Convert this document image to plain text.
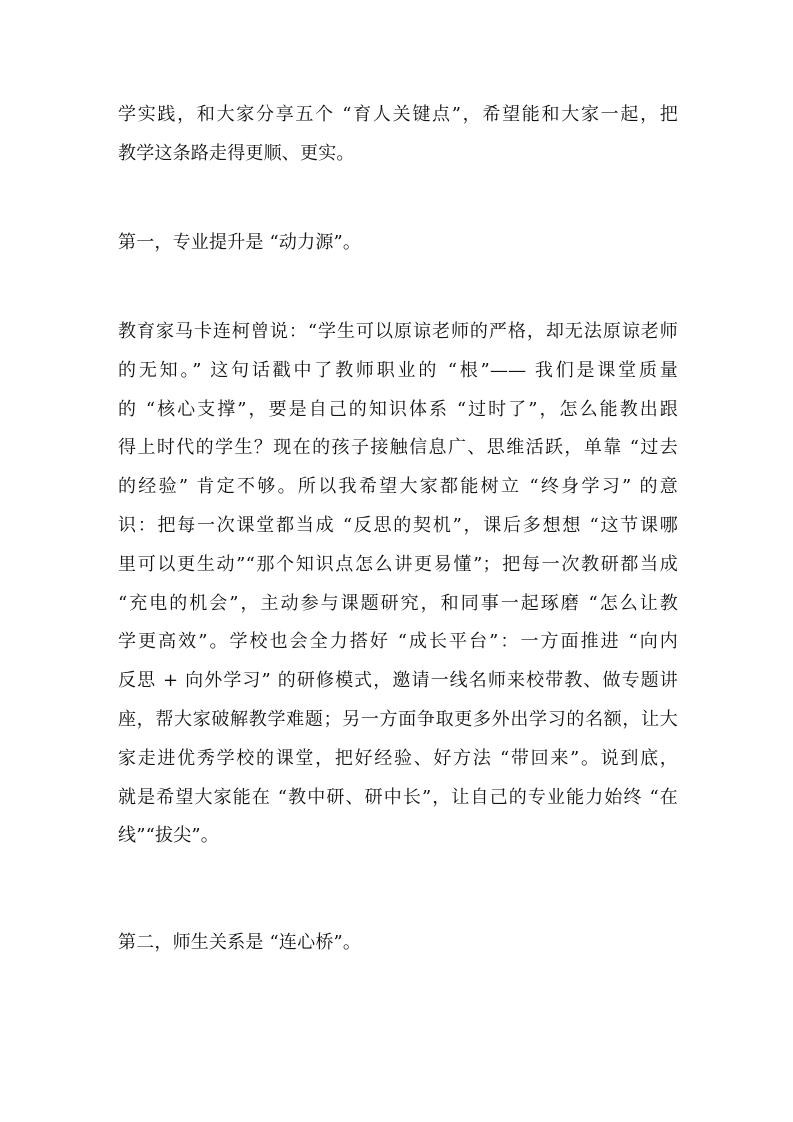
学实践，和大家分享五个 “育人关键点”，希望能和大家一起，把
教学这条路走得更顺、更实。

第一，专业提升是 “动力源”。

教育家马卡连柯曾说：“学生可以原谅老师的严格，却无法原谅老师
的无知。” 这句话戳中了教师职业的 “根”—— 我们是课堂质量
的 “核心支撑”，要是自己的知识体系 “过时了”，怎么能教出跟
得上时代的学生？现在的孩子接触信息广、思维活跃，单靠 “过去
的经验” 肯定不够。所以我希望大家都能树立 “终身学习” 的意
识：把每一次课堂都当成 “反思的契机”，课后多想想 “这节课哪
里可以更生动”“那个知识点怎么讲更易懂”；把每一次教研都当成
“充电的机会”，主动参与课题研究，和同事一起琢磨 “怎么让教
学更高效”。学校也会全力搭好 “成长平台”：一方面推进 “向内
反思 + 向外学习” 的研修模式，邀请一线名师来校带教、做专题讲
座，帮大家破解教学难题；另一方面争取更多外出学习的名额，让大
家走进优秀学校的课堂，把好经验、好方法 “带回来”。说到底，
就是希望大家能在 “教中研、研中长”，让自己的专业能力始终 “在
线”“拔尖”。

第二，师生关系是 “连心桥”。
